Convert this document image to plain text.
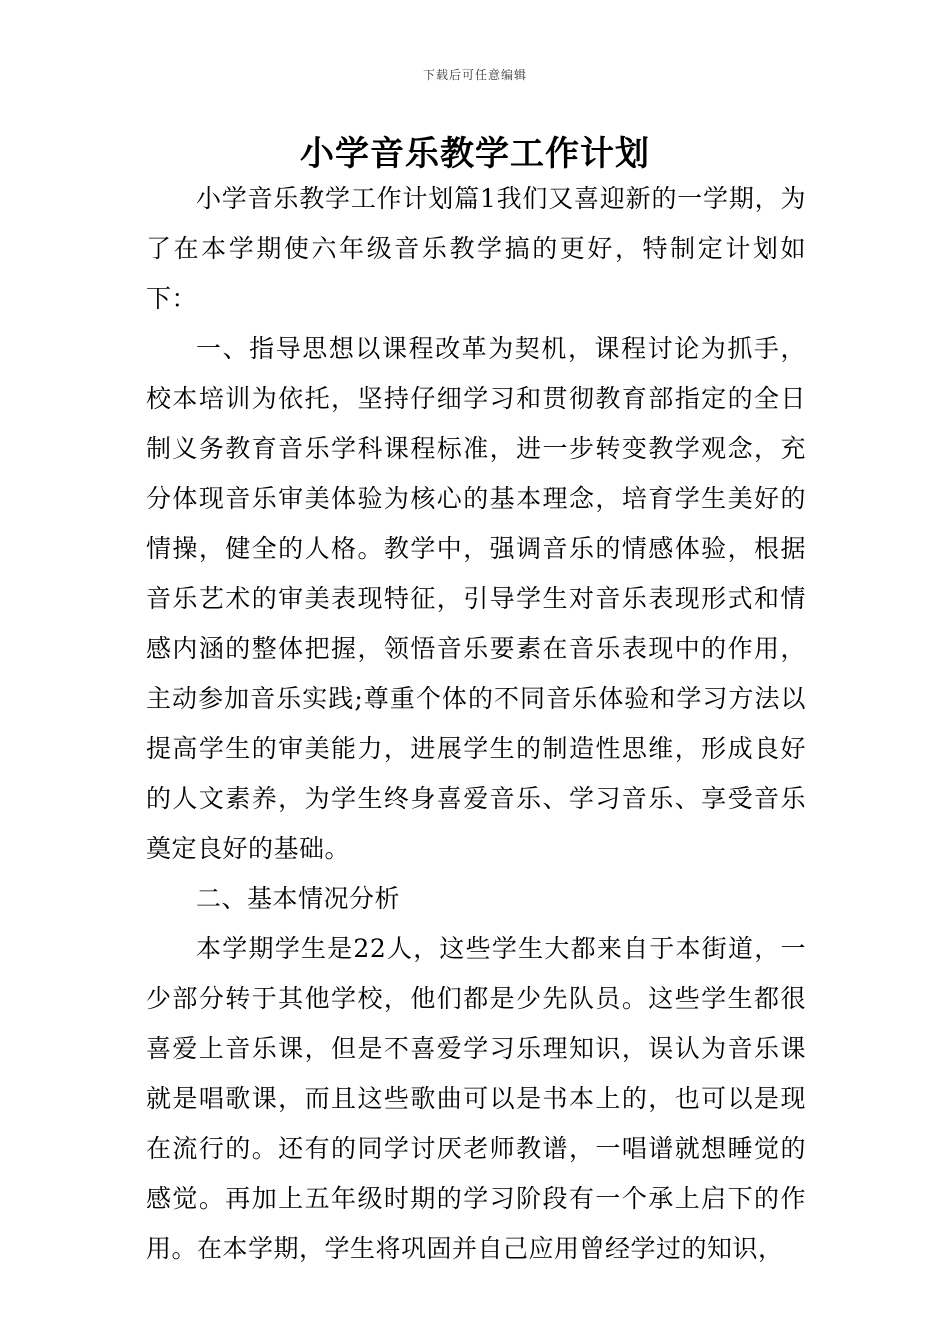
下载后可任意编辑
小学音乐教学工作计划

小学音乐教学工作计划篇1我们又喜迎新的一学期，为了在本学期使六年级音乐教学搞的更好，特制定计划如下：

一、指导思想以课程改革为契机，课程讨论为抓手，校本培训为依托，坚持仔细学习和贯彻教育部指定的全日制义务教育音乐学科课程标准，进一步转变教学观念，充分体现音乐审美体验为核心的基本理念，培育学生美好的情操，健全的人格。教学中，强调音乐的情感体验，根据音乐艺术的审美表现特征，引导学生对音乐表现形式和情感内涵的整体把握，领悟音乐要素在音乐表现中的作用，主动参加音乐实践;尊重个体的不同音乐体验和学习方法以提高学生的审美能力，进展学生的制造性思维，形成良好的人文素养，为学生终身喜爱音乐、学习音乐、享受音乐奠定良好的基础。

二、基本情况分析

本学期学生是22人，这些学生大都来自于本街道，一少部分转于其他学校，他们都是少先队员。这些学生都很喜爱上音乐课，但是不喜爱学习乐理知识，误认为音乐课就是唱歌课，而且这些歌曲可以是书本上的，也可以是现在流行的。还有的同学讨厌老师教谱，一唱谱就想睡觉的感觉。再加上五年级时期的学习阶段有一个承上启下的作用。在本学期，学生将巩固并自己应用曾经学过的知识，
